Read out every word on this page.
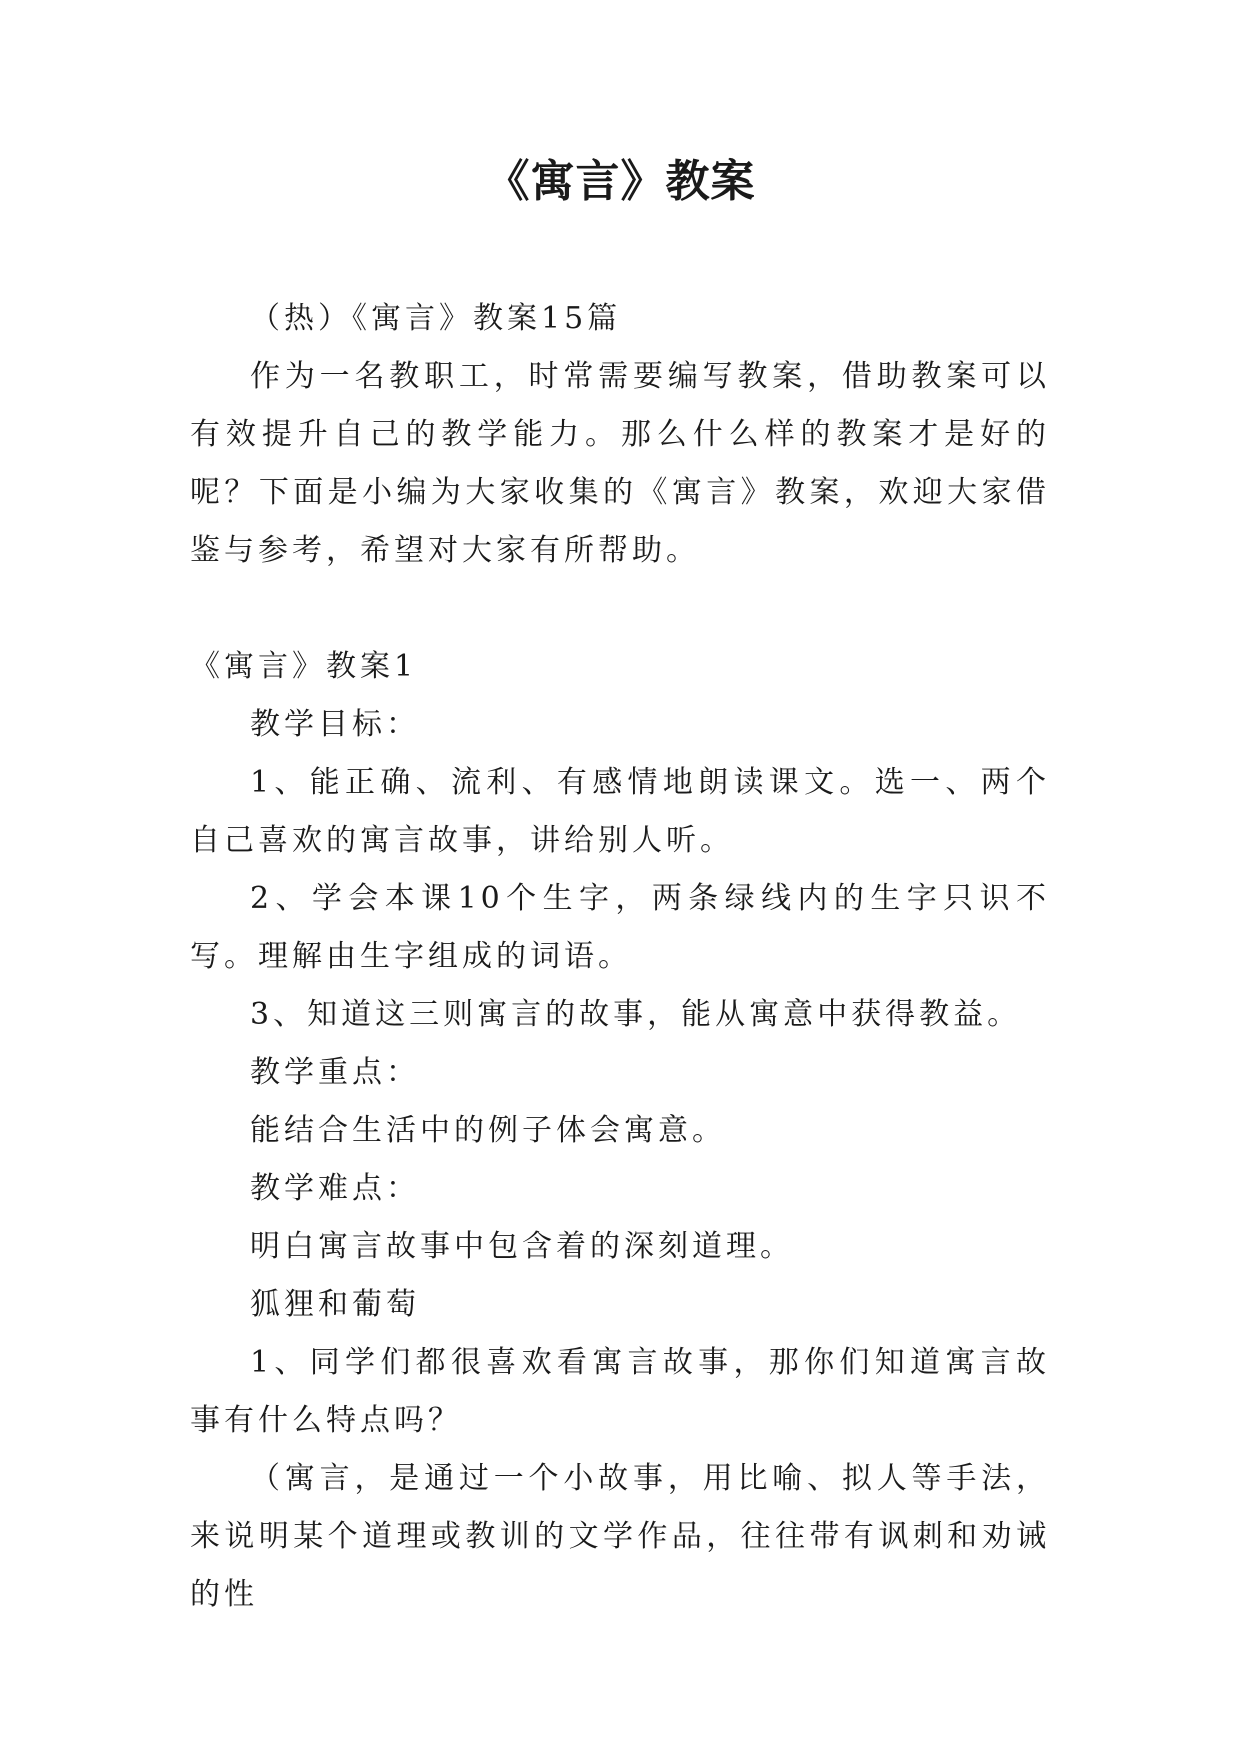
《寓言》教案

（热）《寓言》教案15篇

作为一名教职工，时常需要编写教案，借助教案可以有效提升自己的教学能力。那么什么样的教案才是好的呢？下面是小编为大家收集的《寓言》教案，欢迎大家借鉴与参考，希望对大家有所帮助。

《寓言》教案1

教学目标：

1、能正确、流利、有感情地朗读课文。选一、两个自己喜欢的寓言故事，讲给别人听。

2、学会本课10个生字，两条绿线内的生字只识不写。理解由生字组成的词语。

3、知道这三则寓言的故事，能从寓意中获得教益。

教学重点：

能结合生活中的例子体会寓意。

教学难点：

明白寓言故事中包含着的深刻道理。

狐狸和葡萄

1、同学们都很喜欢看寓言故事，那你们知道寓言故事有什么特点吗？

（寓言，是通过一个小故事，用比喻、拟人等手法，来说明某个道理或教训的文学作品，往往带有讽刺和劝诫的性
